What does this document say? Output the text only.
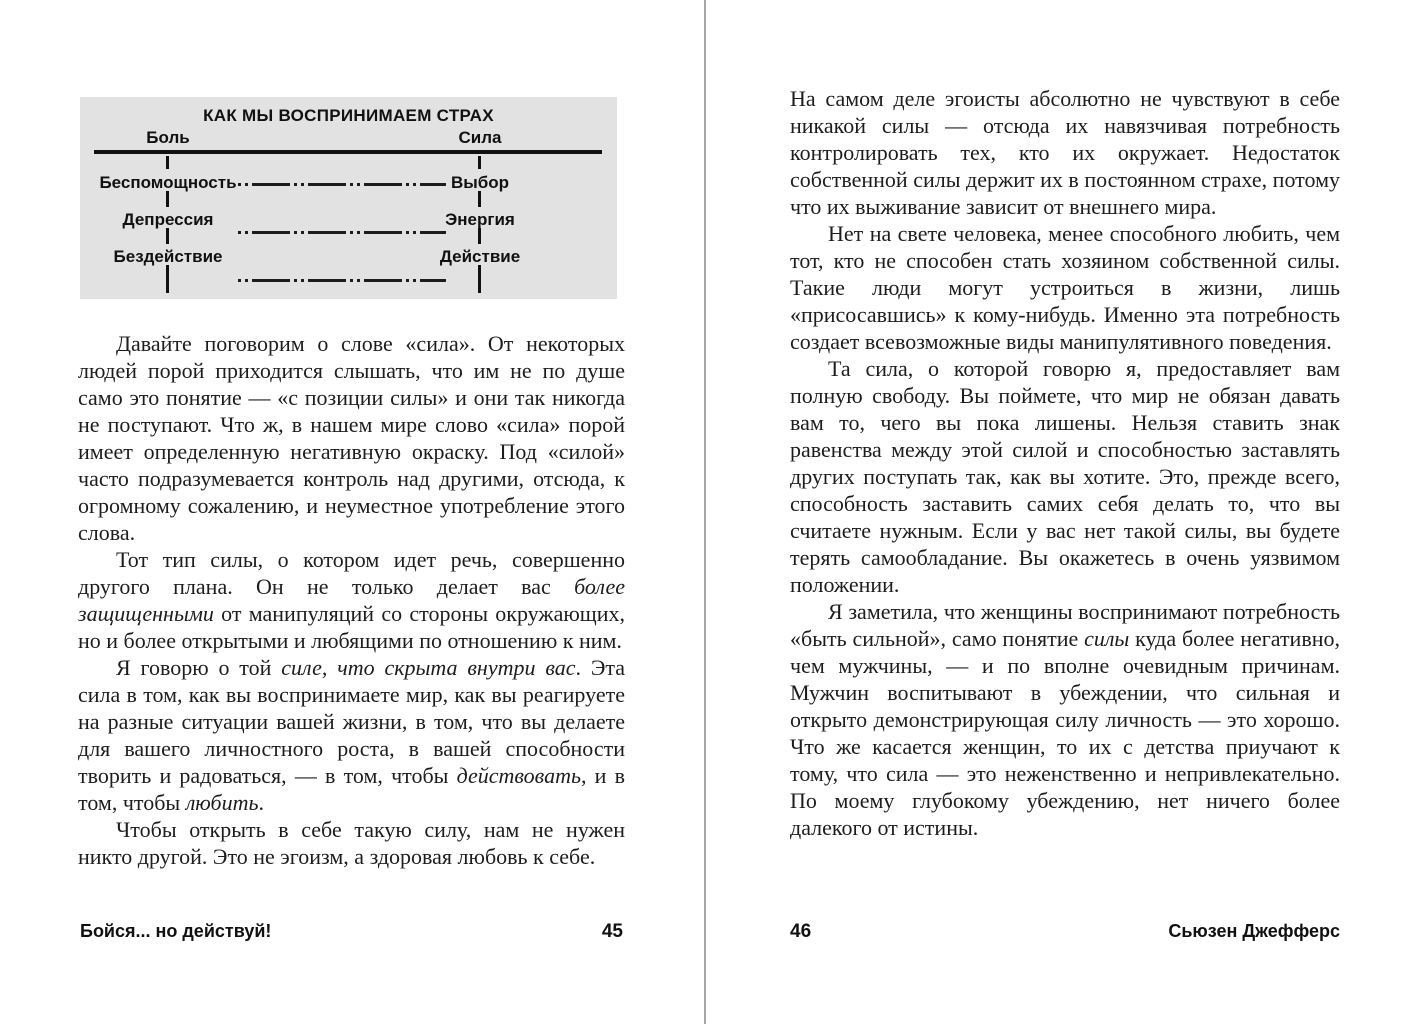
КАК МЫ ВОСПРИНИМАЕМ СТРАХ
Боль	Сила
Беспомощность	Выбор
Депрессия	Энергия
Бездействие	Действие

Давайте поговорим о слове «сила». От некоторых людей порой приходится слышать, что им не по душе само это понятие — «с позиции силы» и они так никогда не поступают. Что ж, в нашем мире слово «сила» порой имеет определенную негативную окраску. Под «силой» часто подразумевается контроль над другими, отсюда, к огромному сожалению, и неуместное употребление этого слова.

Тот тип силы, о котором идет речь, совершенно другого плана. Он не только делает вас более защищенными от манипуляций со стороны окружающих, но и более открытыми и любящими по отношению к ним.

Я говорю о той силе, что скрыта внутри вас. Эта сила в том, как вы воспринимаете мир, как вы реагируете на разные ситуации вашей жизни, в том, что вы делаете для вашего личностного роста, в вашей способности творить и радоваться, — в том, чтобы действовать, и в том, чтобы любить.

Чтобы открыть в себе такую силу, нам не нужен никто другой. Это не эгоизм, а здоровая любовь к себе.

Бойся... но действуй!	45

На самом деле эгоисты абсолютно не чувствуют в себе никакой силы — отсюда их навязчивая потребность контролировать тех, кто их окружает. Недостаток собственной силы держит их в постоянном страхе, потому что их выживание зависит от внешнего мира.

Нет на свете человека, менее способного любить, чем тот, кто не способен стать хозяином собственной силы. Такие люди могут устроиться в жизни, лишь «присосавшись» к кому-нибудь. Именно эта потребность создает всевозможные виды манипулятивного поведения.

Та сила, о которой говорю я, предоставляет вам полную свободу. Вы поймете, что мир не обязан давать вам то, чего вы пока лишены. Нельзя ставить знак равенства между этой силой и способностью заставлять других поступать так, как вы хотите. Это, прежде всего, способность заставить самих себя делать то, что вы считаете нужным. Если у вас нет такой силы, вы будете терять самообладание. Вы окажетесь в очень уязвимом положении.

Я заметила, что женщины воспринимают потребность «быть сильной», само понятие силы куда более негативно, чем мужчины, — и по вполне очевидным причинам. Мужчин воспитывают в убеждении, что сильная и открыто демонстрирующая силу личность — это хорошо. Что же касается женщин, то их с детства приучают к тому, что сила — это неженственно и непривлекательно. По моему глубокому убеждению, нет ничего более далекого от истины.

46	Сьюзен Джефферс
